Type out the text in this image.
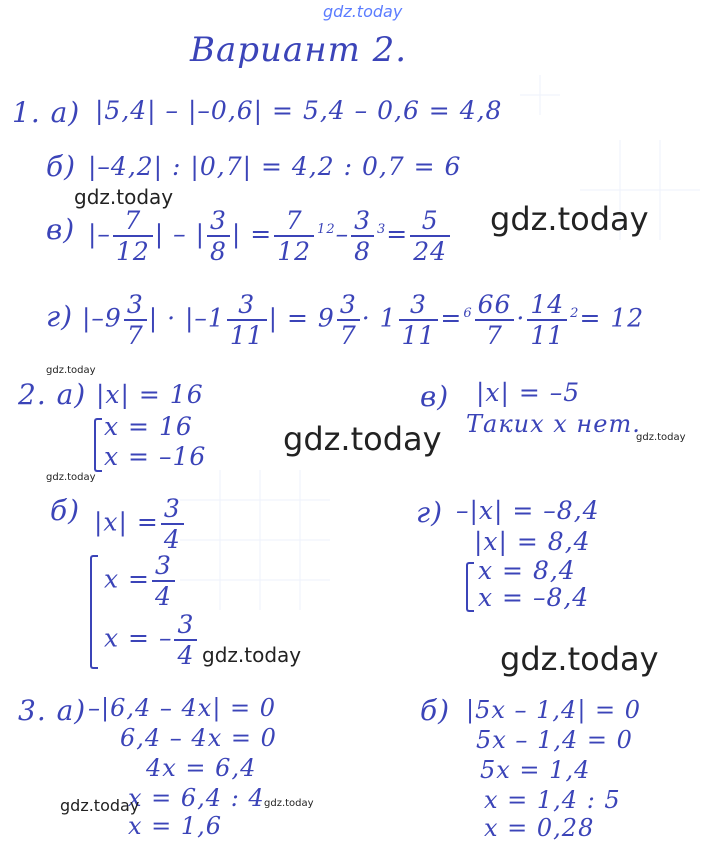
gdz.today
Вариант 2.
1. а) |5,4| – |–0,6| = 5,4 – 0,6 = 4,8
б) |–4,2| : |0,7| = 4,2 : 0,7 = 6
gdz.today
в) |– $\frac{7}{12}$ | – | $\frac{3}{8}$ | = $\frac{7}{12} ^{12}- \frac{3}{8} ^3= \frac{5}{24}$ gdz.today
г) $|-9 \frac{3}{7}$ | · $|-1 \frac{3}{11}$ | = $9 \frac{3}{7} \cdot 1 \frac{3}{11} =^6 \frac{66}{7} \cdot \frac{14}{11} ^2= 12$
gdz.today
2. а) |x| = 16
x = 16
x = –16 gdz.today
в) |x| = –5
Таких x нет.
gdz.today
gdz.today
б) $|x| = \frac{3}{4}$
$x = \frac{3}{4}$
x = – $\frac{3}{4}$ gdz.today
г) –|x| = –8,4
|x| = 8,4
x = 8,4
x = –8,4
gdz.today
3. а) –|6,4 – 4x| = 0
6,4 – 4x = 0
4x = 6,4
x = 6,4 : 4
x = 1,6
gdz.today	gdz.today
б) |5x – 1,4| = 0
5x – 1,4 = 0
5x = 1,4
x = 1,4 : 5
x = 0,28
